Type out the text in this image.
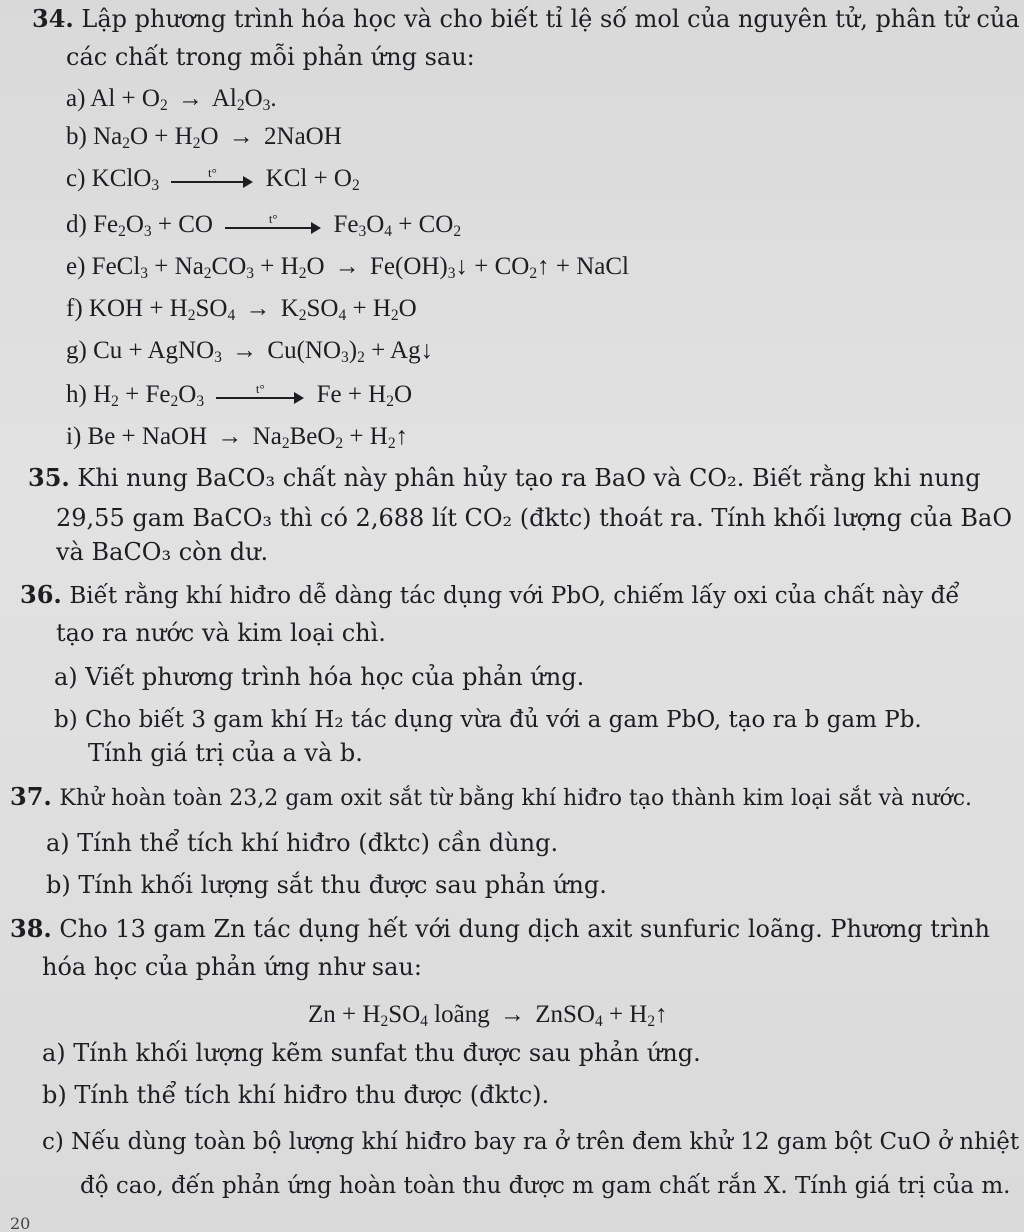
34. Lập phương trình hóa học và cho biết tỉ lệ số mol của nguyên tử, phân tử của
các chất trong mỗi phản ứng sau:
a) $Al + O_2 \to Al_2O_3$.
b) $Na_2O + H_2O$ → 2NaOH
c) KClO$_3$
t°	KCl + $O_2$
d) $Fe_2O_3$ + CO	t°	$Fe_3O_4 + CO_2$
e) FeCl$_3$ + $Na_2CO_3 + H_2O$ → $Fe(OH)_3↓$ + $CO_2↑$ + NaCl
f) KOH + $H_2SO_4 \to K_2SO_4 + H_2O$
g) Cu + AgNO$_3$ → $Cu(NO_3)_2$ + Ag↓
h) $H_2 + Fe_2O_3$
t°	$Fe + H_2O$
i) Be + NaOH → $Na_2BeO_2$ + $H_2↑$
35. Khi nung BaCO₃ chất này phân hủy tạo ra BaO và CO₂. Biết rằng khi nung
29,55 gam BaCO₃ thì có 2,688 lít CO₂ (đktc) thoát ra. Tính khối lượng của BaO
và BaCO₃ còn dư.
36. Biết rằng khí hiđro dễ dàng tác dụng với PbO, chiếm lấy oxi của chất này để
tạo ra nước và kim loại chì.
a) Viết phương trình hóa học của phản ứng.
b) Cho biết 3 gam khí H₂ tác dụng vừa đủ với a gam PbO, tạo ra b gam Pb.
Tính giá trị của a và b.
37. Khử hoàn toàn 23,2 gam oxit sắt từ bằng khí hiđro tạo thành kim loại sắt và nước.
a) Tính thể tích khí hiđro (đktc) cần dùng.
b) Tính khối lượng sắt thu được sau phản ứng.
38. Cho 13 gam Zn tác dụng hết với dung dịch axit sunfuric loãng. Phương trình
hóa học của phản ứng như sau:
$Zn + H_2SO_4$ loãng → ZnSO$_4$ + $H_2↑$
a) Tính khối lượng kẽm sunfat thu được sau phản ứng.
b) Tính thể tích khí hiđro thu được (đktc).
c) Nếu dùng toàn bộ lượng khí hiđro bay ra ở trên đem khử 12 gam bột CuO ở nhiệt
độ cao, đến phản ứng hoàn toàn thu được m gam chất rắn X. Tính giá trị của m.
20
